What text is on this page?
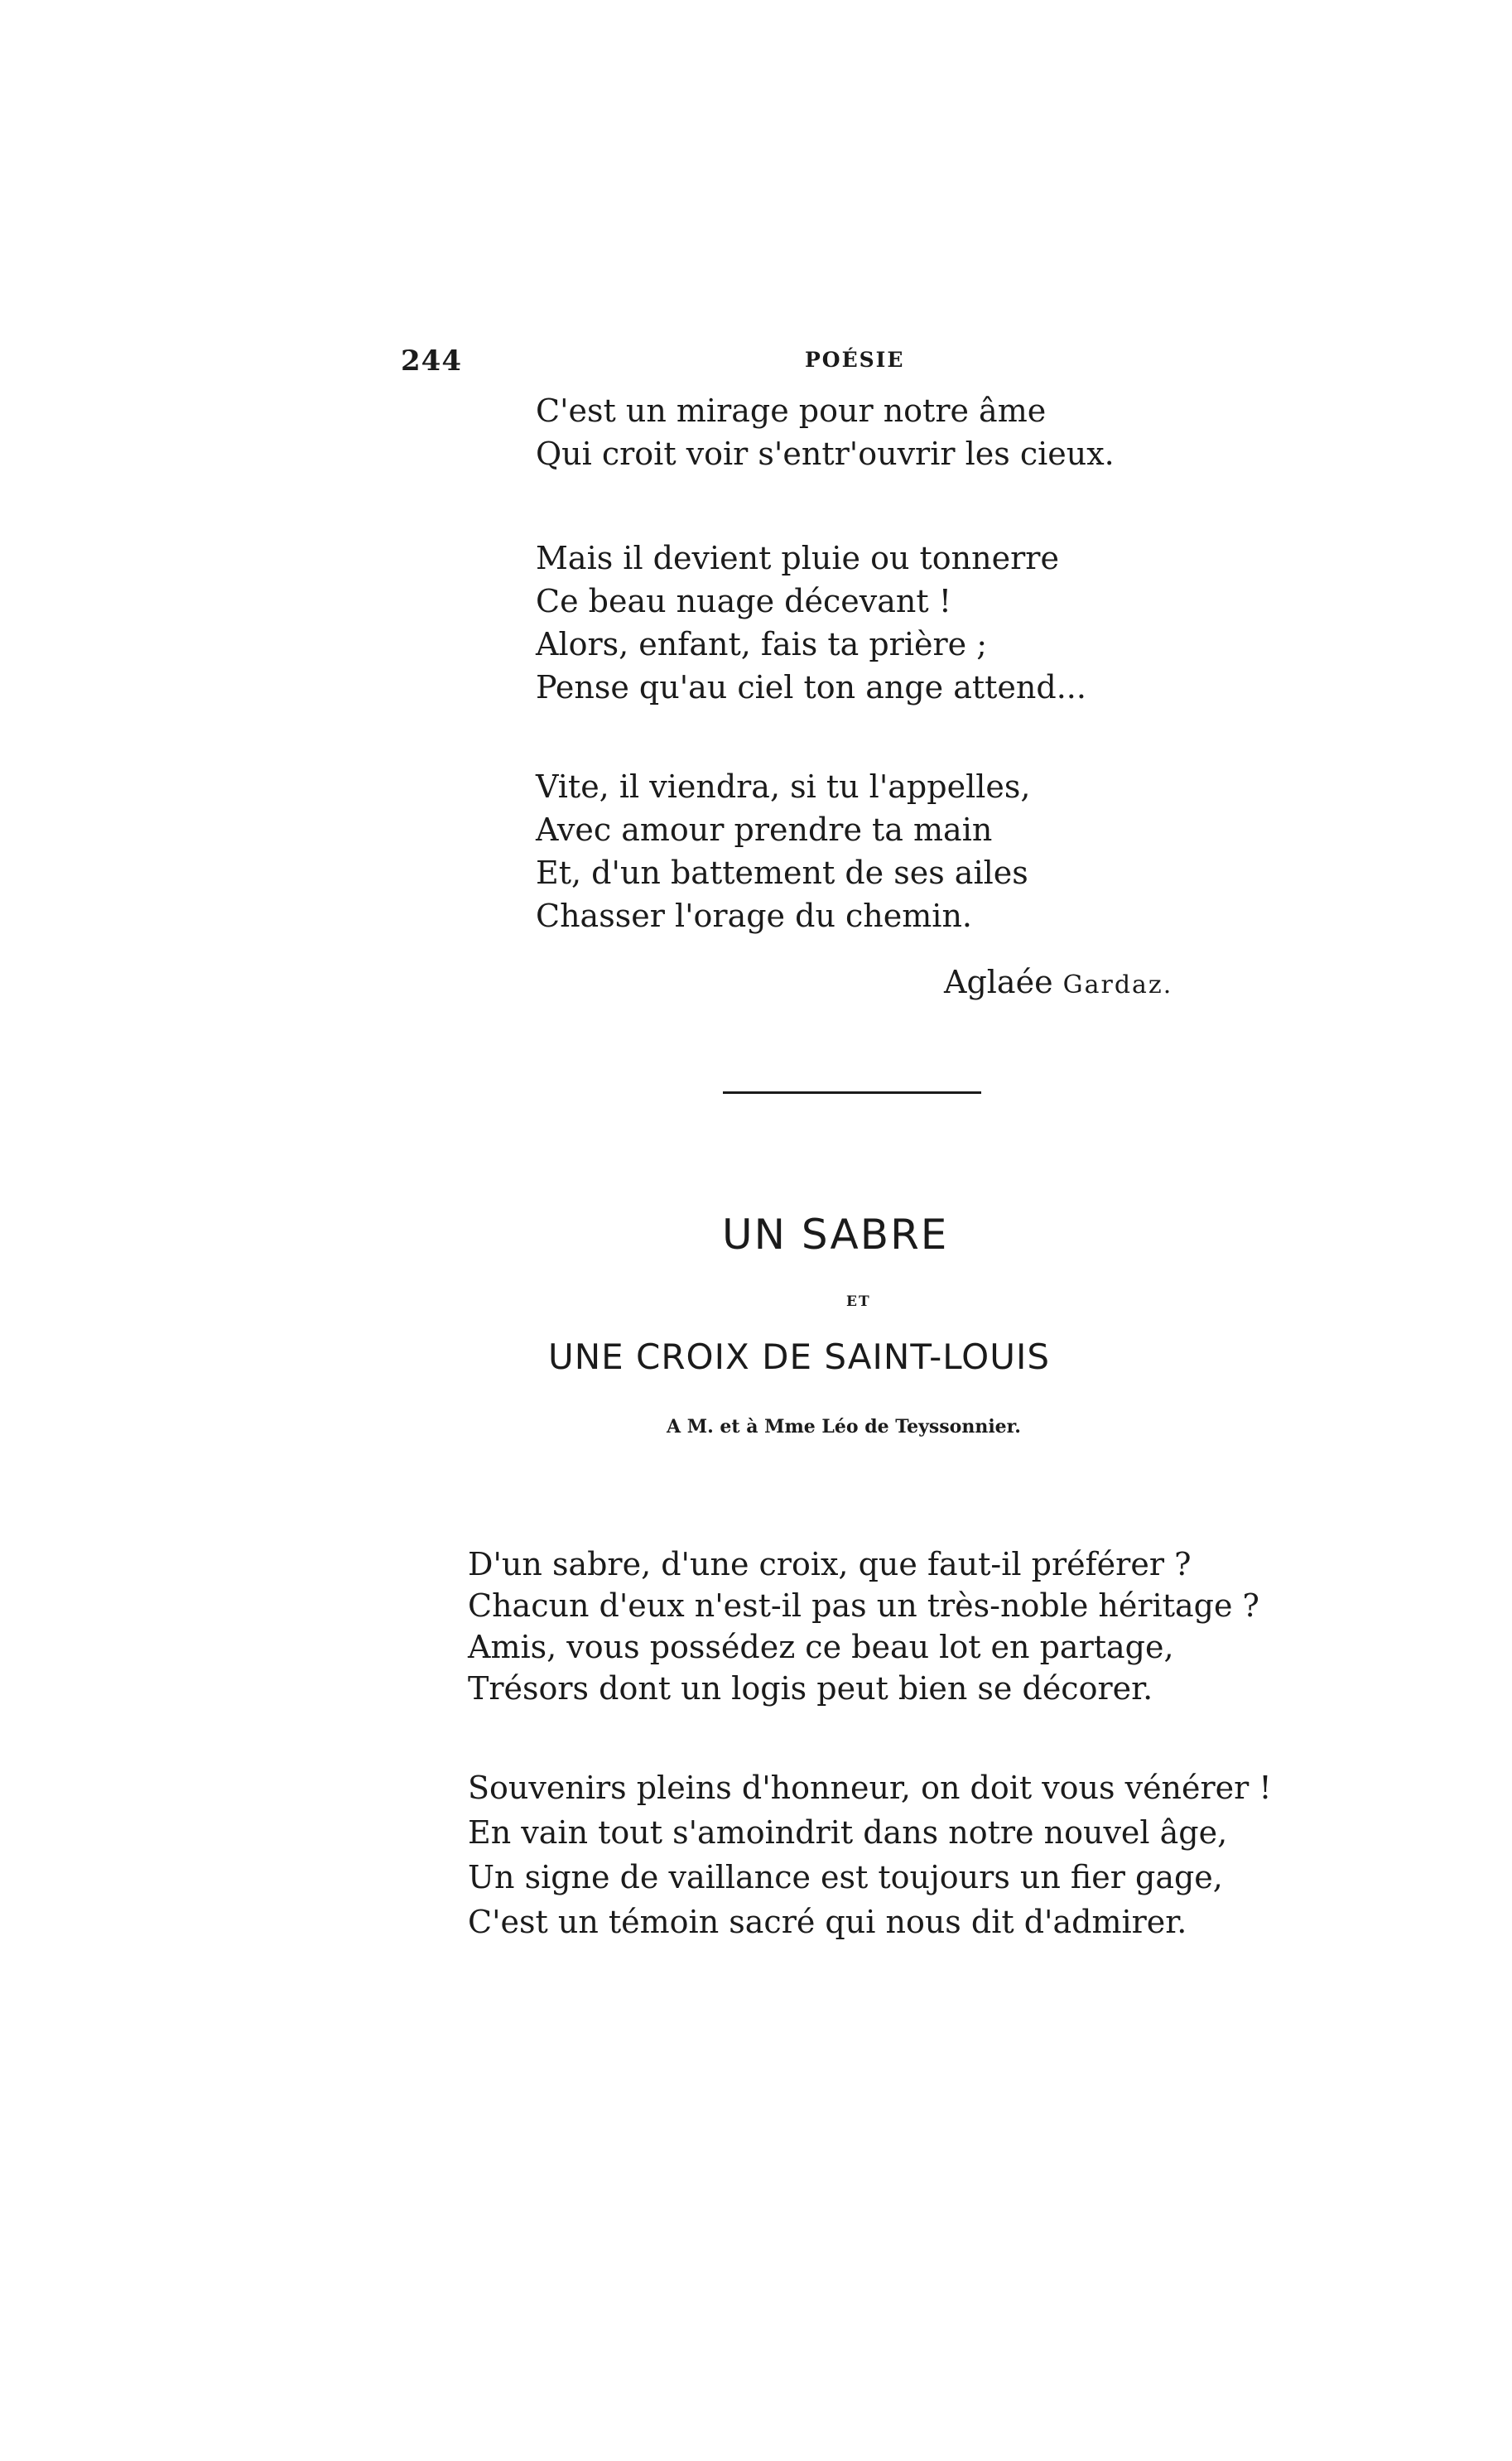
244	POÉSIE
C'est un mirage pour notre âme
Qui croit voir s'entr'ouvrir les cieux.
Mais il devient pluie ou tonnerre
Ce beau nuage décevant !
Alors, enfant, fais ta prière ;
Pense qu'au ciel ton ange attend...
Vite, il viendra, si tu l'appelles,
Avec amour prendre ta main
Et, d'un battement de ses ailes
Chasser l'orage du chemin.
Aglaée Gardaz.
UN SABRE
ET
UNE CROIX DE SAINT-LOUIS
A M. et à Mme Léo de Teyssonnier.
D'un sabre, d'une croix, que faut-il préférer ?
Chacun d'eux n'est-il pas un très-noble héritage ?
Amis, vous possédez ce beau lot en partage,
Trésors dont un logis peut bien se décorer.
Souvenirs pleins d'honneur, on doit vous vénérer !
En vain tout s'amoindrit dans notre nouvel âge,
Un signe de vaillance est toujours un fier gage,
C'est un témoin sacré qui nous dit d'admirer.
